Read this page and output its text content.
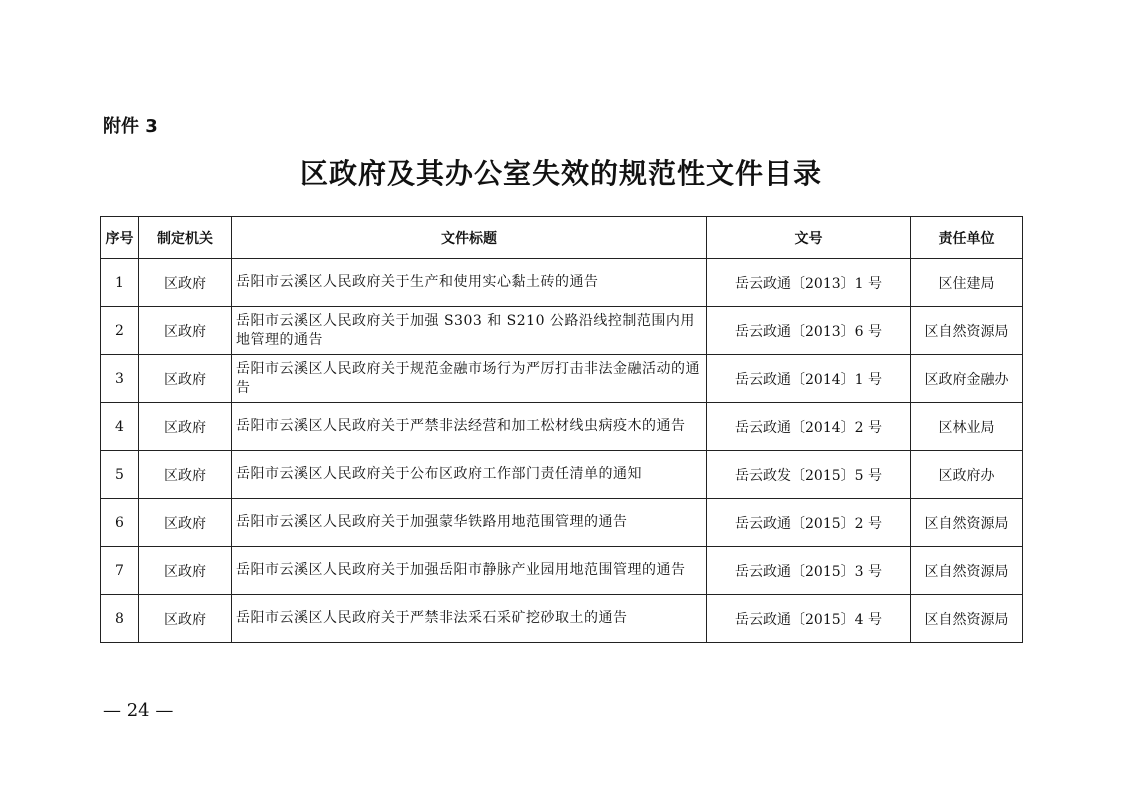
附件 3
区政府及其办公室失效的规范性文件目录
序号	制定机关	文件标题	文号	责任单位
1	区政府	岳阳市云溪区人民政府关于生产和使用实心黏土砖的通告	岳云政通〔2013〕1 号	区住建局
2	区政府	岳阳市云溪区人民政府关于加强 S303 和 S210 公路沿线控制范围内用地管理的通告	岳云政通〔2013〕6 号	区自然资源局
3	区政府	岳阳市云溪区人民政府关于规范金融市场行为严厉打击非法金融活动的通告	岳云政通〔2014〕1 号	区政府金融办
4	区政府	岳阳市云溪区人民政府关于严禁非法经营和加工松材线虫病疫木的通告	岳云政通〔2014〕2 号	区林业局
5	区政府	岳阳市云溪区人民政府关于公布区政府工作部门责任清单的通知	岳云政发〔2015〕5 号	区政府办
6	区政府	岳阳市云溪区人民政府关于加强蒙华铁路用地范围管理的通告	岳云政通〔2015〕2 号	区自然资源局
7	区政府	岳阳市云溪区人民政府关于加强岳阳市静脉产业园用地范围管理的通告	岳云政通〔2015〕3 号	区自然资源局
8	区政府	岳阳市云溪区人民政府关于严禁非法采石采矿挖砂取土的通告	岳云政通〔2015〕4 号	区自然资源局
— 24 —
